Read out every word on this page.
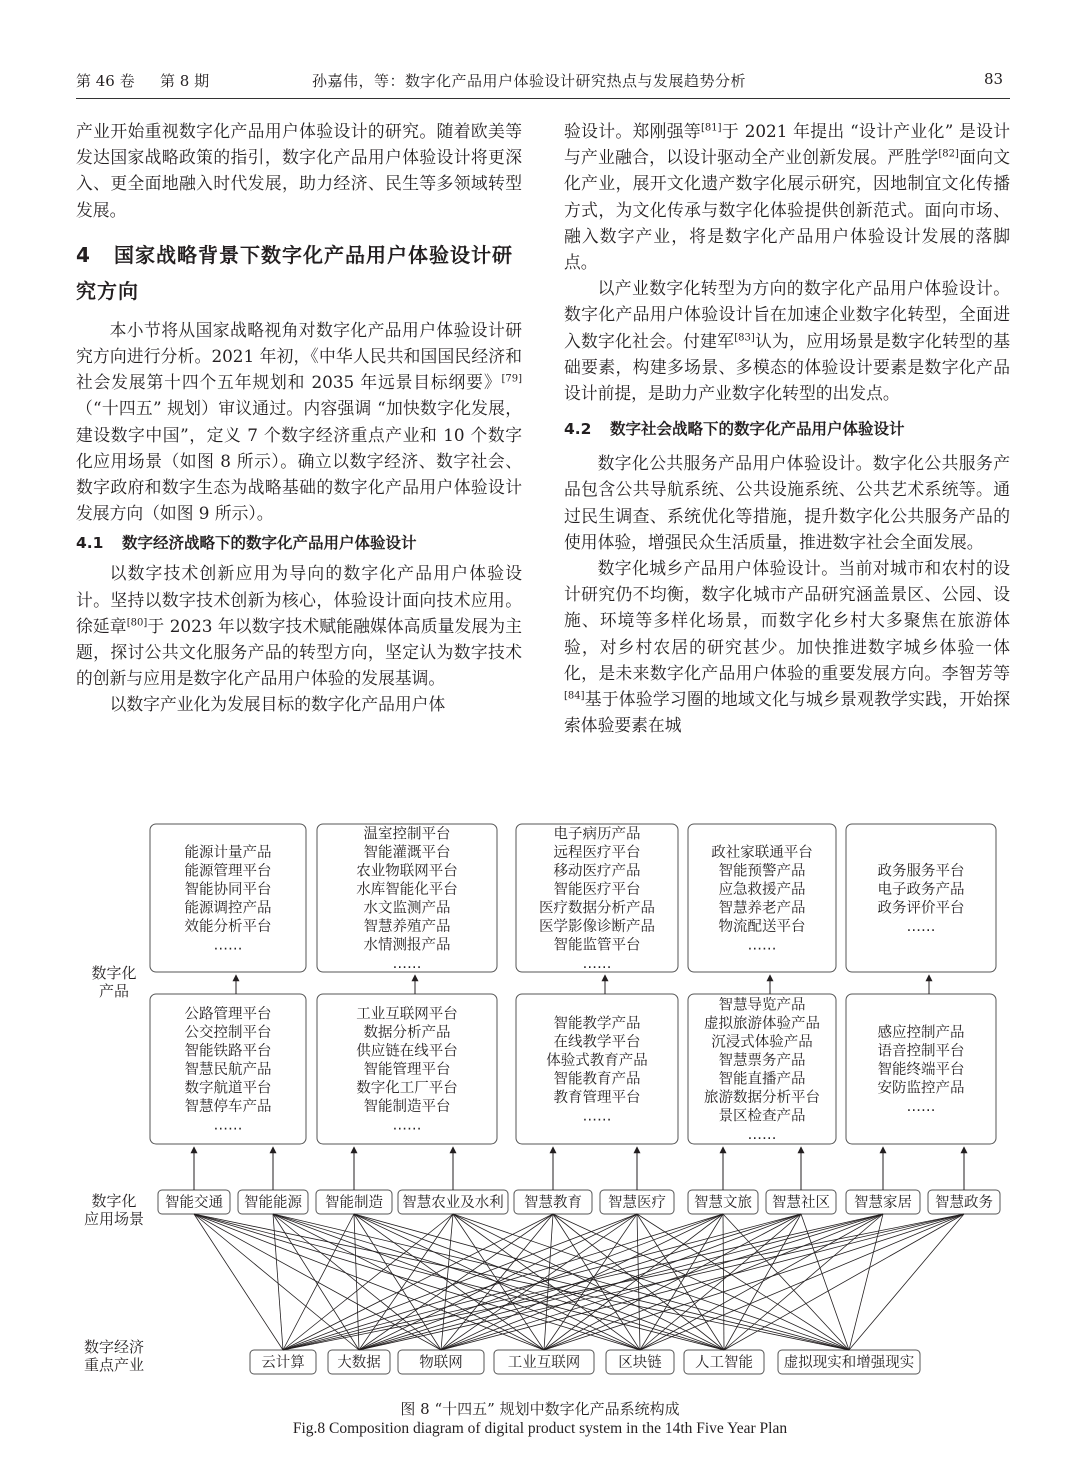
第 46 卷 第 8 期	孙嘉伟，等：数字化产品用户体验设计研究热点与发展趋势分析	83

产业开始重视数字化产品用户体验设计的研究。随着欧美等发达国家战略政策的指引，数字化产品用户体验设计将更深入、更全面地融入时代发展，助力经济、民生等多领域转型发展。

4 国家战略背景下数字化产品用户体验设计研究方向

本小节将从国家战略视角对数字化产品用户体验设计研究方向进行分析。2021 年初，《中华人民共和国国民经济和社会发展第十四个五年规划和 2035 年远景目标纲要》[79]（“十四五” 规划）审议通过。内容强调 “加快数字化发展，建设数字中国”，定义 7 个数字经济重点产业和 10 个数字化应用场景（如图 8 所示）。确立以数字经济、数字社会、数字政府和数字生态为战略基础的数字化产品用户体验设计发展方向（如图 9 所示）。

4.1 数字经济战略下的数字化产品用户体验设计

以数字技术创新应用为导向的数字化产品用户体验设计。坚持以数字技术创新为核心，体验设计面向技术应用。徐延章[80]于 2023 年以数字技术赋能融媒体高质量发展为主题，探讨公共文化服务产品的转型方向，坚定认为数字技术的创新与应用是数字化产品用户体验的发展基调。

以数字产业化为发展目标的数字化产品用户体

验设计。郑刚强等[81]于 2021 年提出 “设计产业化” 是设计与产业融合，以设计驱动全产业创新发展。严胜学[82]面向文化产业，展开文化遗产数字化展示研究，因地制宜文化传播方式，为文化传承与数字化体验提供创新范式。面向市场、融入数字产业，将是数字化产品用户体验设计发展的落脚点。

以产业数字化转型为方向的数字化产品用户体验设计。数字化产品用户体验设计旨在加速企业数字化转型，全面进入数字化社会。付建军[83]认为，应用场景是数字化转型的基础要素，构建多场景、多模态的体验设计要素是数字化产品设计前提，是助力产业数字化转型的出发点。

4.2 数字社会战略下的数字化产品用户体验设计

数字化公共服务产品用户体验设计。数字化公共服务产品包含公共导航系统、公共设施系统、公共艺术系统等。通过民生调查、系统优化等措施，提升数字化公共服务产品的使用体验，增强民众生活质量，推进数字社会全面发展。

数字化城乡产品用户体验设计。当前对城市和农村的设计研究仍不均衡，数字化城市产品研究涵盖景区、公园、设施、环境等多样化场景，而数字化乡村大多聚焦在旅游体验，对乡村农居的研究甚少。加快推进数字城乡体验一体化，是未来数字化产品用户体验的重要发展方向。李智芳等[84]基于体验学习圈的地域文化与城乡景观教学实践，开始探索体验要素在城

数字化
产品
数字化
应用场景
数字经济
重点产业
能源计量产品
能源管理平台
智能协同平台
能源调控产品
效能分析平台
……
温室控制平台
智能灌溉平台
农业物联网平台
水库智能化平台
水文监测产品
智慧养殖产品
水情测报产品
……
电子病历产品
远程医疗平台
移动医疗产品
智能医疗平台
医疗数据分析产品
医学影像诊断产品
智能监管平台
……
政社家联通平台
智能预警产品
应急救援产品
智慧养老产品
物流配送平台
……
政务服务平台
电子政务产品
政务评价平台
……
公路管理平台
公交控制平台
智能铁路平台
智慧民航产品
数字航道平台
智慧停车产品
……
工业互联网平台
数据分析产品
供应链在线平台
智能管理平台
数字化工厂平台
智能制造平台
……
智能教学产品
在线教学平台
体验式教育产品
智能教育产品
教育管理平台
……
智慧导览产品
虚拟旅游体验产品
沉浸式体验产品
智慧票务产品
智能直播产品
旅游数据分析平台
景区检查产品
……
感应控制产品
语音控制平台
智能终端平台
安防监控产品
……
智能交通 智能能源 智能制造 智慧农业及水利 智慧教育 智慧医疗 智慧文旅 智慧社区 智慧家居 智慧政务
云计算 大数据	物联网	工业互联网	区块链 人工智能 虚拟现实和增强现实
图 8 “十四五” 规划中数字化产品系统构成
Fig.8 Composition diagram of digital product system in the 14th Five Year Plan
